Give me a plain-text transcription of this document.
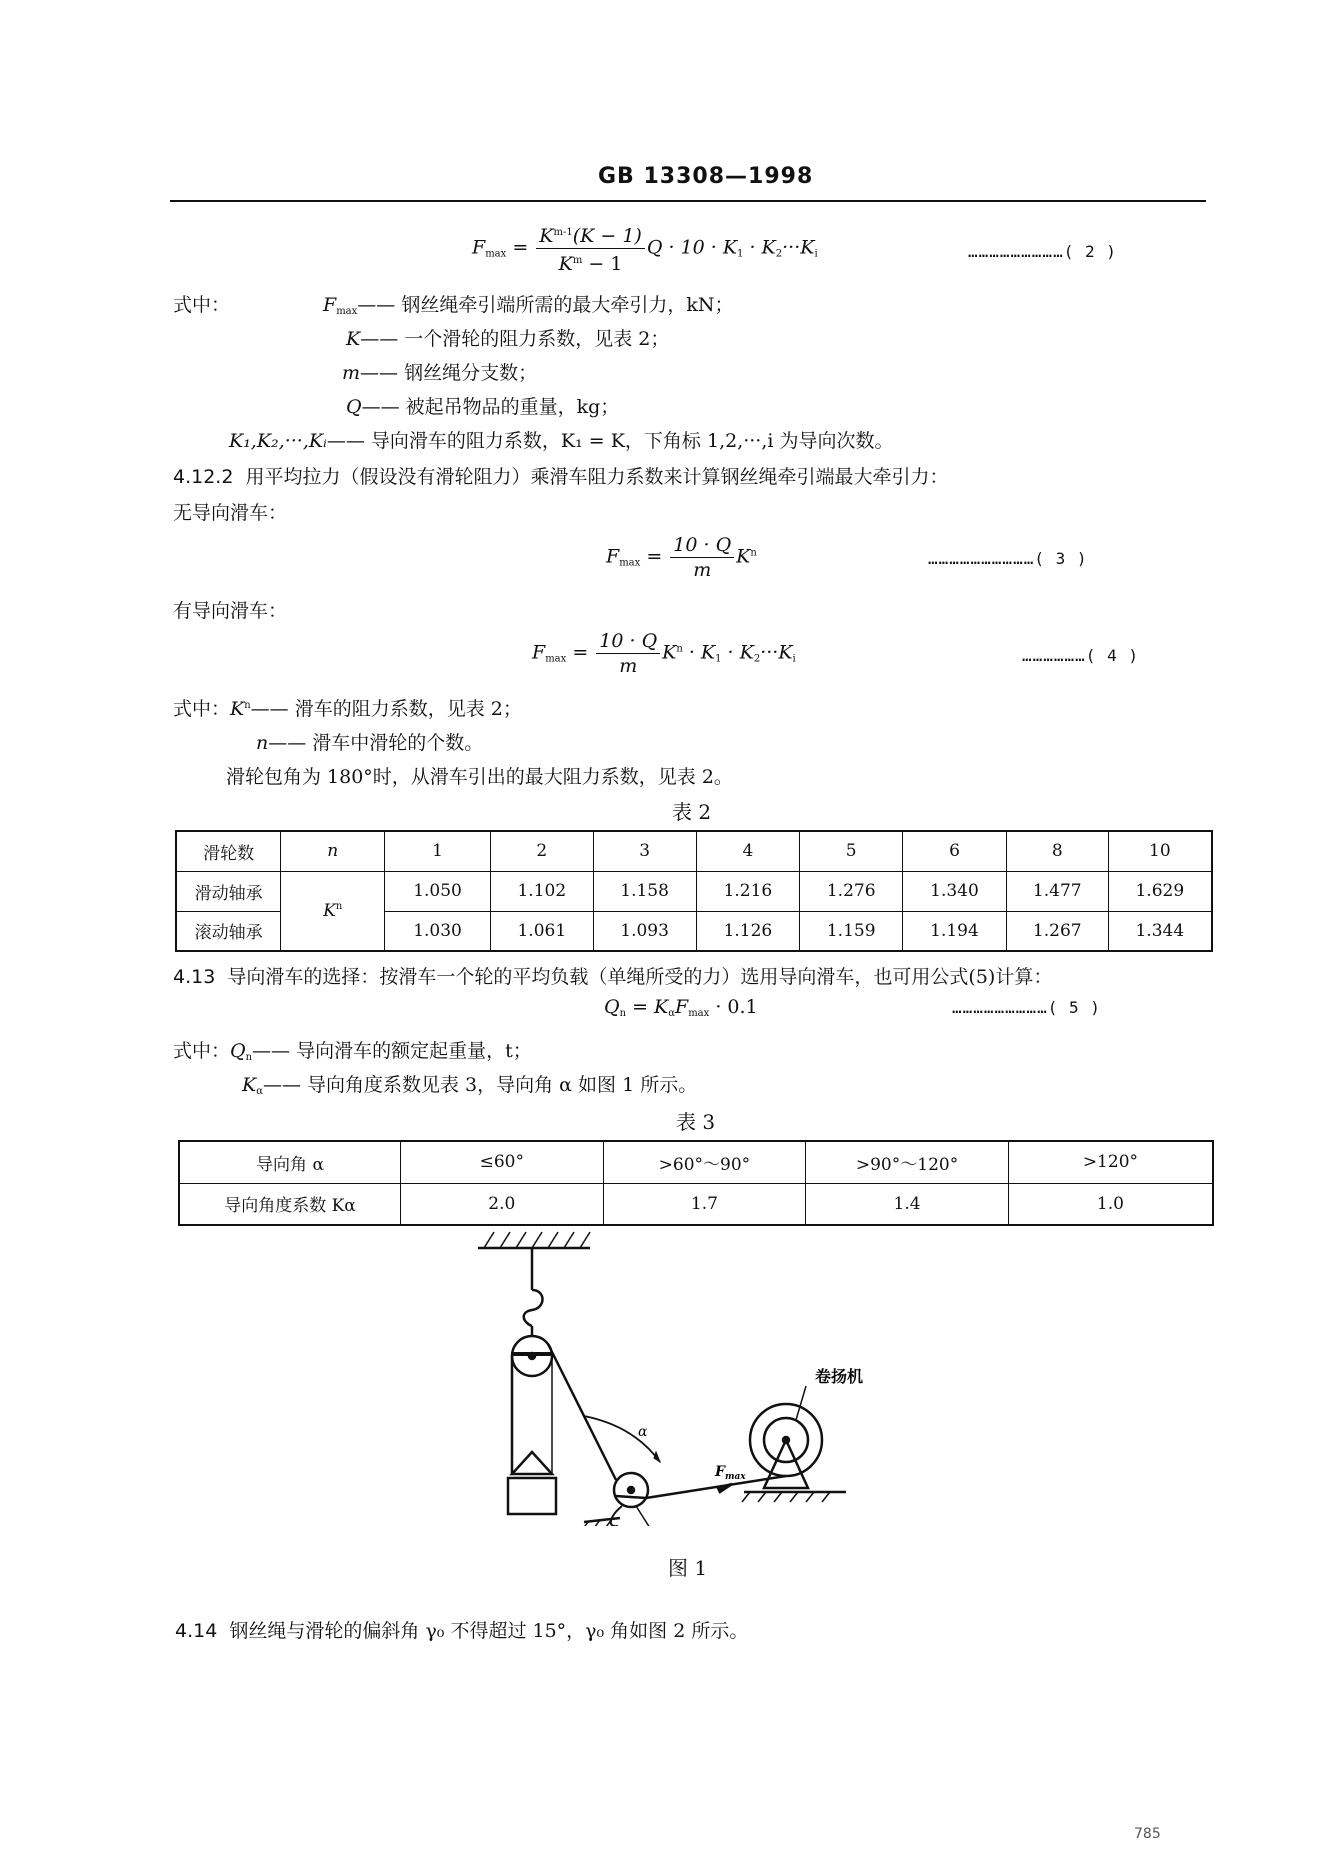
GB 13308—1998
$F_{max} = \frac{K^{m-1}(K - 1)}{K^m - 1}$ $Q \cdot 10 \cdot K_1 \cdot K_2\cdot\cdot\cdot K_i$	………………………( 2 )
式中：	$F_{max}——$ 钢丝绳牵引端所需的最大牵引力，kN；
K—— 一个滑轮的阻力系数，见表 2；
m—— 钢丝绳分支数；
Q—— 被起吊物品的重量，kg；
K₁,K₂,···,Kᵢ—— 导向滑车的阻力系数，K₁ = K，下角标 1,2,···,i 为导向次数。
4.12.2 用平均拉力（假设没有滑轮阻力）乘滑车阻力系数来计算钢丝绳牵引端最大牵引力：
无导向滑车：
$F_{max} = \frac{10 \cdot Q}{m} K^n$	…………………………( 3 )
有导向滑车：
$F_{max} = \frac{10 \cdot Q}{m} K^n \cdot K_1 \cdot K_2\cdot\cdot\cdot K_i$	………………( 4 )
式中：$K^n——$ 滑车的阻力系数，见表 2；
n—— 滑车中滑轮的个数。
滑轮包角为 180°时，从滑车引出的最大阻力系数，见表 2。
表 2
滑轮数	n	1	2	3	4	5	6	8	10
滑动轴承	$K^n$	1.050	1.102	1.158	1.216	1.276	1.340	1.477	1.629
滚动轴承		1.030	1.061	1.093	1.126	1.159	1.194	1.267	1.344
4.13 导向滑车的选择：按滑车一个轮的平均负载（单绳所受的力）选用导向滑车，也可用公式(5)计算：
$Q_n = K_\alpha F_{max} \cdot 0.1$	………………………( 5 )
式中：$Q_n——$ 导向滑车的额定起重量，t；
$K_\alpha——$ 导向角度系数见表 3，导向角 α 如图 1 所示。
表 3
导向角 α	≤60°	>60°～90°	>90°～120°	>120°
导向角度系数 Kα	2.0	1.7	1.4	1.0
卷扬机
α
$F_{max}$
图 1
4.14 钢丝绳与滑轮的偏斜角 γ₀ 不得超过 15°，γ₀ 角如图 2 所示。
785
